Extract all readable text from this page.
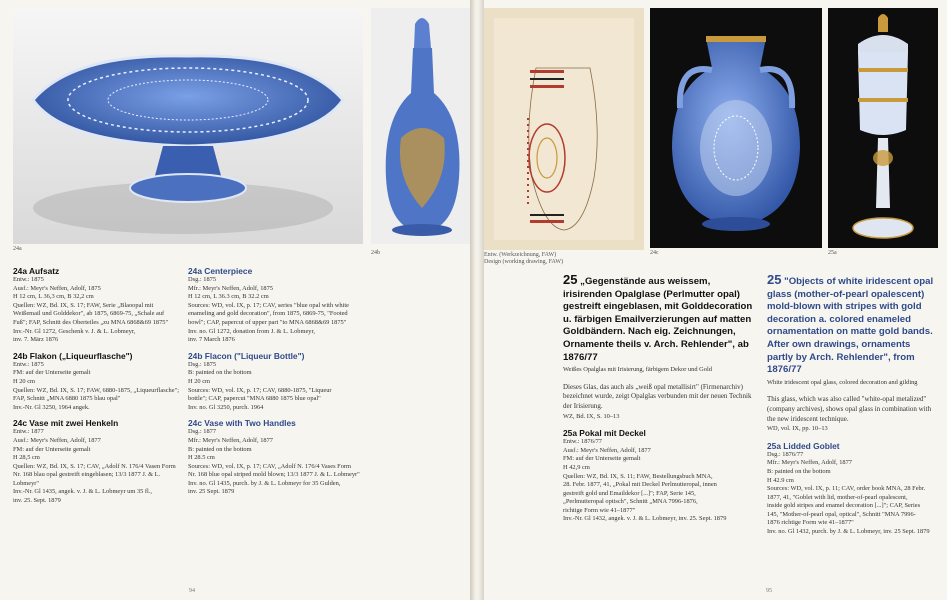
24a
24b	Entw. (Werkzeichnung, FAW)
Design (working drawing, FAW)
24c	25a

24a Aufsatz

Entw.: 1875

Ausf.: Meyr's Neffen, Adolf, 1875

H 12 cm, L 36,3 cm, B 32,2 cm

Quellen: WZ, Bd. IX, S. 17; FAW, Serie „Blaoopal mit

Weißemail und Golddekor", ab 1875, 6869-75, „Schale auf

Fuß"; FAP, Schnitt des Oberteiles „zu MNA 6868&69 1875"

Inv.-Nr. Gl 1272, Geschenk v. J. & L. Lobmeyr,

inv. 7. März 1876

24b Flakon („Liqueurflasche")

Entw.: 1875

FM: auf der Unterseite gemalt

H 20 cm

Quellen: WZ, Bd. IX, S. 17; FAW, 6880-1875, „Liqueurflasche";

FAP, Schnitt „MNA 6880 1875 blau opal"

Inv.-Nr. Gl 3250, 1964 angek.

24c Vase mit zwei Henkeln

Entw.: 1877

Ausf.: Meyr's Neffen, Adolf, 1877

FM: auf der Unterseite gemalt

H 28,5 cm

Quellen: WZ, Bd. IX, S. 17; CAV, „Adolf N. 176/4 Vasen Form

Nr. 168 blau opal gestreift eingeblasen; 13/3 1877 J. & L. Lobmeyr"

Inv.-Nr. Gl 1435, angek. v. J. & L. Lobmeyr um 35 fl.,

inv. 25. Sept. 1879

24a Centerpiece

Dsg.: 1875

Mfr.: Meyr's Neffen, Adolf, 1875

H 12 cm, L 36.3 cm, B 32.2 cm

Sources: WD, vol. IX, p. 17; CAV, series "blue opal with white

enameling and gold decoration", from 1875, 6869-75, "Footed

bowl"; CAP, papercut of upper part "to MNA 6868&69 1875"

Inv. no. Gl 1272, donation from J. & L. Lobmeyr,

inv. 7 March 1876

24b Flacon ("Liqueur Bottle")

Dsg.: 1875

B: painted on the bottom

H 20 cm

Sources: WD, vol. IX, p. 17; CAV, 6880-1875, "Liqueur

bottle"; CAP, papercut "MNA 6880 1875 blue opal"

Inv. no. Gl 3250, purch. 1964

24c Vase with Two Handles

Dsg.: 1877

Mfr.: Meyr's Neffen, Adolf, 1877

B: painted on the bottom

H 28.5 cm

Sources: WD, vol. IX, p. 17; CAV, „Adolf N. 176/4 Vases Form

Nr. 168 blue opal striped mold blown; 13/3 1877 J. & L. Lobmeyr"

Inv. no. Gl 1435, purch. by J. & L. Lobmeyr for 35 Gulden,

inv. 25 Sept. 1879

25 „Gegenstände aus weissem, irisirenden Opalglase (Perlmutter opal) gestreift eingeblasen, mit Golddecoration u. färbigen Emailverzierungen auf matten Goldbändern. Nach eig. Zeichnungen, Ornamente theils v. Arch. Rehlender", ab 1876/77

Weißes Opalglas mit Irisierung, färbigem Dekor und Gold

Dieses Glas, das auch als „weiß opal metallisirt" (Firmenarchiv) bezeichnet wurde, zeigt Opalglas verbunden mit der neuen Technik der Irisierung.

WZ, Bd. IX, S. 10–13

25a Pokal mit Deckel

Entw.: 1876/77

Ausf.: Meyr's Neffen, Adolf, 1877

FM: auf der Unterseite gemalt

H 42,9 cm

Quellen: WZ, Bd. IX, S. 11; FAW, Bestellungsbuch MNA,

28. Febr. 1877, 41, „Pokal mit Deckel Perlmutteropal, innen

gestreift gold und Emaildekor [...]"; FAP, Serie 145,

„Perlmutteropal optisch", Schnitt „MNA 7996-1876,

richtige Form wie 41–1877"

Inv.-Nr. Gl 1432, angek. v. J. & L. Lobmeyr, inv. 25. Sept. 1879

25 "Objects of white iridescent opal glass (mother-of-pearl opalescent) mold-blown with stripes with gold decoration a. colored enameled ornamentation on matte gold bands. After own drawings, ornaments partly by Arch. Rehlender", from 1876/77

White iridescent opal glass, colored decoration and gilding

This glass, which was also called "white-opal metalized" (company archives), shows opal glass in combination with the new iridescent technique.

WD, vol. IX, pp. 10–13

25a Lidded Goblet

Dsg.: 1876/77

Mfr.: Meyr's Neffen, Adolf, 1877

B: painted on the bottom

H 42.9 cm

Sources: WD, vol. IX, p. 11; CAV, order book MNA, 28 Febr.

1877, 41, "Goblet with lid, mother-of-pearl opalescent,

inside gold stripes and enamel decoration [...]"; CAP, Series

145, "Mother-of-pearl opal, optical", Schnitt "MNA 7996-

1876 richtige Form wie 41–1877"

Inv. no. Gl 1432, purch. by J. & L. Lobmeyr, inv. 25 Sept. 1879

94	95
